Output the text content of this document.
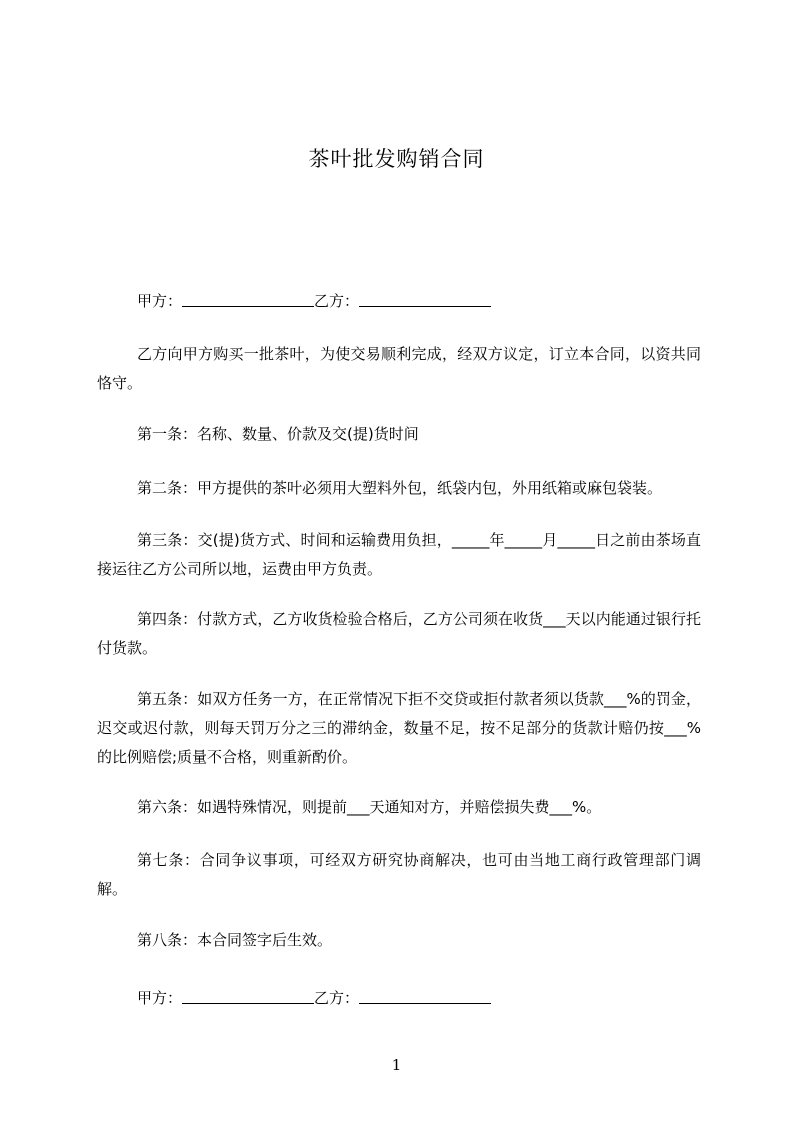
茶叶批发购销合同
甲方：	乙方：
乙方向甲方购买一批茶叶，为使交易顺利完成，经双方议定，订立本合同，以资共同恪守。
第一条：名称、数量、价款及交(提)货时间
第二条：甲方提供的茶叶必须用大塑料外包，纸袋内包，外用纸箱或麻包袋装。
第三条：交(提)货方式、时间和运输费用负担，_____年_____月_____日之前由茶场直接运往乙方公司所以地，运费由甲方负责。
第四条：付款方式，乙方收货检验合格后，乙方公司须在收货___天以内能通过银行托付货款。
第五条：如双方任务一方，在正常情况下拒不交贷或拒付款者须以货款___%的罚金，迟交或迟付款，则每天罚万分之三的滞纳金，数量不足，按不足部分的货款计赔仍按___%的比例赔偿;质量不合格，则重新酌价。
第六条：如遇特殊情况，则提前___天通知对方，并赔偿损失费___%。
第七条：合同争议事项，可经双方研究协商解决，也可由当地工商行政管理部门调解。
第八条：本合同签字后生效。
甲方：	乙方：
1
